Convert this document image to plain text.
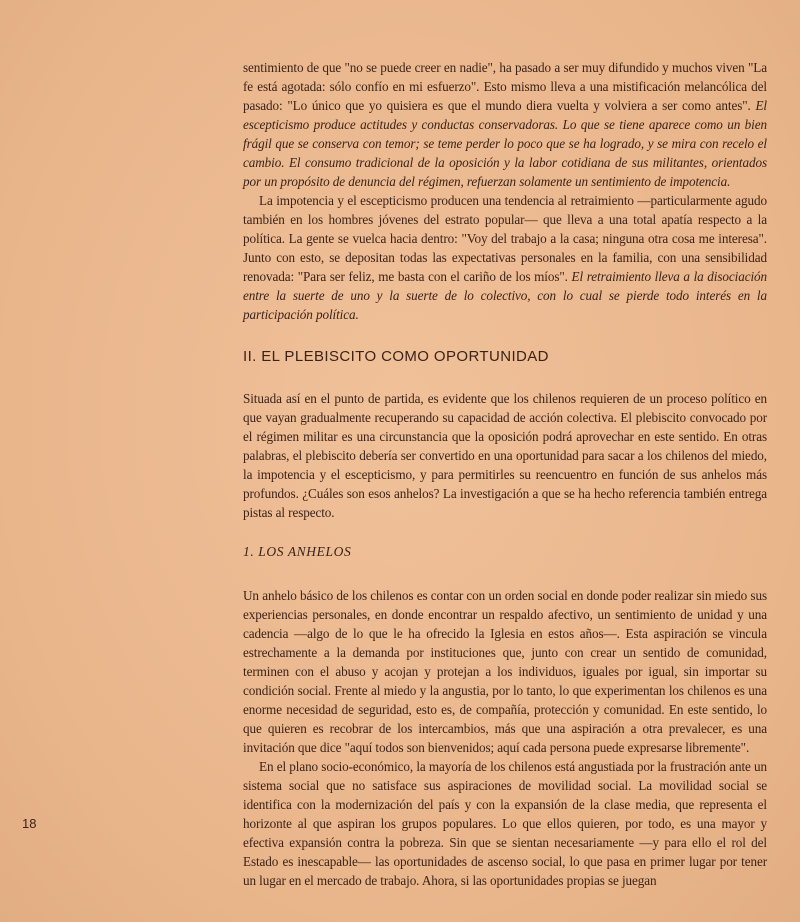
sentimiento de que "no se puede creer en nadie", ha pasado a ser muy difundido y muchos viven "La fe está agotada: sólo confío en mi esfuerzo". Esto mismo lleva a una mistificación melancólica del pasado: "Lo único que yo quisiera es que el mundo diera vuelta y volviera a ser como antes". El escepticismo produce actitudes y conductas conservadoras. Lo que se tiene aparece como un bien frágil que se conserva con temor; se teme perder lo poco que se ha logrado, y se mira con recelo el cambio. El consumo tradicional de la oposición y la labor cotidiana de sus militantes, orientados por un propósito de denuncia del régimen, refuerzan solamente un sentimiento de impotencia.

La impotencia y el escepticismo producen una tendencia al retraimiento —particularmente agudo también en los hombres jóvenes del estrato popular— que lleva a una total apatía respecto a la política. La gente se vuelca hacia dentro: "Voy del trabajo a la casa; ninguna otra cosa me interesa". Junto con esto, se depositan todas las expectativas personales en la familia, con una sensibilidad renovada: "Para ser feliz, me basta con el cariño de los míos". El retraimiento lleva a la disociación entre la suerte de uno y la suerte de lo colectivo, con lo cual se pierde todo interés en la participación política.

II. EL PLEBISCITO COMO OPORTUNIDAD

Situada así en el punto de partida, es evidente que los chilenos requieren de un proceso político en que vayan gradualmente recuperando su capacidad de acción colectiva. El plebiscito convocado por el régimen militar es una circunstancia que la oposición podrá aprovechar en este sentido. En otras palabras, el plebiscito debería ser convertido en una oportunidad para sacar a los chilenos del miedo, la impotencia y el escepticismo, y para permitirles su reencuentro en función de sus anhelos más profundos. ¿Cuáles son esos anhelos? La investigación a que se ha hecho referencia también entrega pistas al respecto.

1. LOS ANHELOS

Un anhelo básico de los chilenos es contar con un orden social en donde poder realizar sin miedo sus experiencias personales, en donde encontrar un respaldo afectivo, un sentimiento de unidad y una cadencia —algo de lo que le ha ofrecido la Iglesia en estos años—. Esta aspiración se vincula estrechamente a la demanda por instituciones que, junto con crear un sentido de comunidad, terminen con el abuso y acojan y protejan a los individuos, iguales por igual, sin importar su condición social. Frente al miedo y la angustia, por lo tanto, lo que experimentan los chilenos es una enorme necesidad de seguridad, esto es, de compañía, protección y comunidad. En este sentido, lo que quieren es recobrar de los intercambios, más que una aspiración a otra prevalecer, es una invitación que dice "aquí todos son bienvenidos; aquí cada persona puede expresarse libremente".

En el plano socio-económico, la mayoría de los chilenos está angustiada por la frustración ante un sistema social que no satisface sus aspiraciones de movilidad social. La movilidad social se identifica con la modernización del país y con la expansión de la clase media, que representa el horizonte al que aspiran los grupos populares. Lo que ellos quieren, por todo, es una mayor y efectiva expansión contra la pobreza. Sin que se sientan necesariamente —y para ello el rol del Estado es inescapable— las oportunidades de ascenso social, lo que pasa en primer lugar por tener un lugar en el mercado de trabajo. Ahora, si las oportunidades propias se juegan

18
